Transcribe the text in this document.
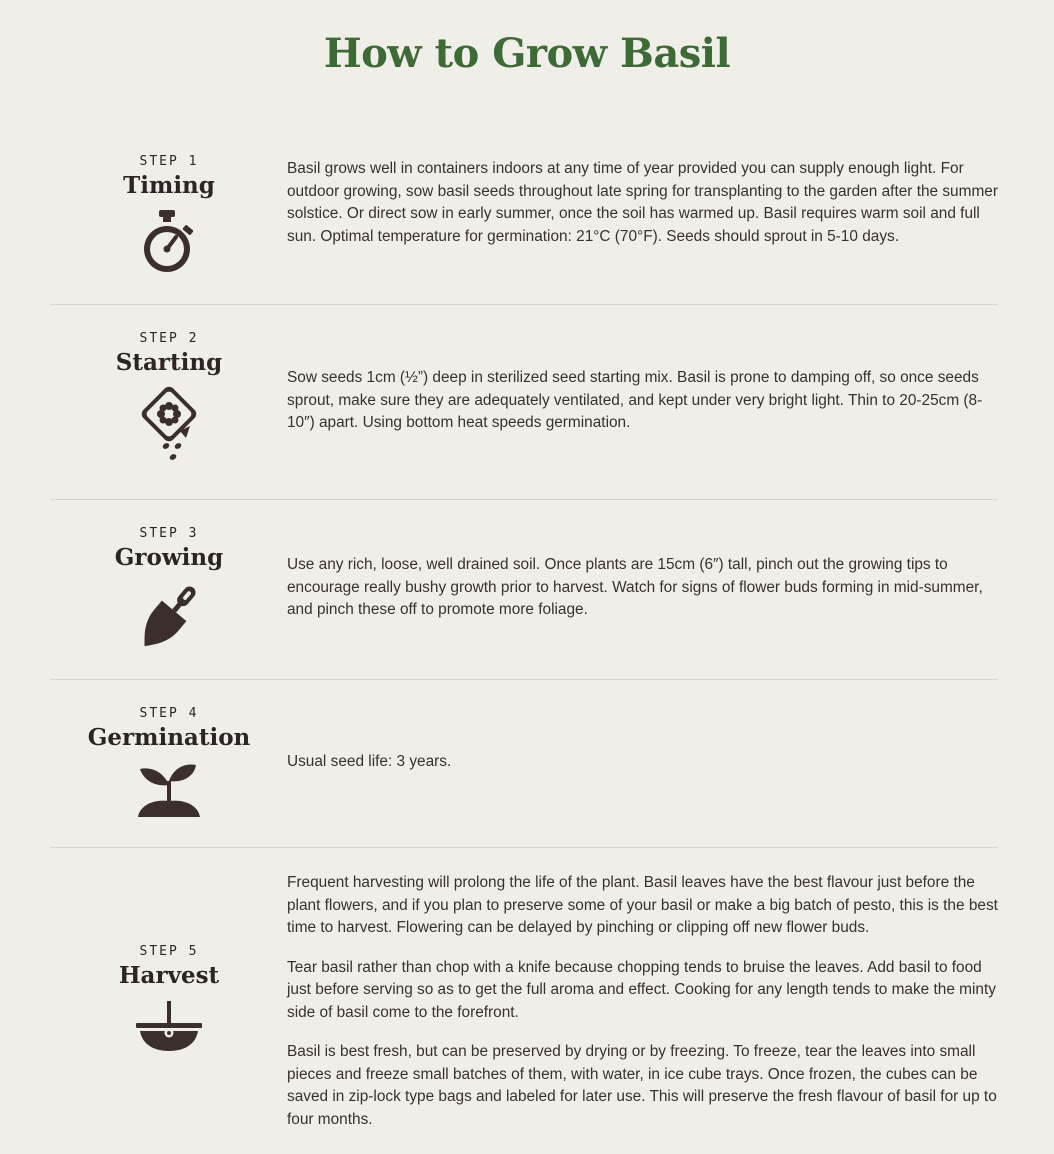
How to Grow Basil
STEP 1
Timing

Basil grows well in containers indoors at any time of year provided you can supply enough light. For outdoor growing, sow basil seeds throughout late spring for transplanting to the garden after the summer solstice. Or direct sow in early summer, once the soil has warmed up. Basil requires warm soil and full sun. Optimal temperature for germination: 21°C (70°F). Seeds should sprout in 5-10 days.

STEP 2
Starting

Sow seeds 1cm (½”) deep in sterilized seed starting mix. Basil is prone to damping off, so once seeds sprout, make sure they are adequately ventilated, and kept under very bright light. Thin to 20-25cm (8-10″) apart. Using bottom heat speeds germination.

STEP 3
Growing	Use any rich, loose, well drained soil. Once plants are 15cm (6″) tall, pinch out the growing tips to encourage really bushy growth prior to harvest. Watch for signs of flower buds forming in mid-summer, and pinch these off to promote more foliage.

STEP 4
Germination

Usual seed life: 3 years.

STEP 5
Harvest

Frequent harvesting will prolong the life of the plant. Basil leaves have the best flavour just before the plant flowers, and if you plan to preserve some of your basil or make a big batch of pesto, this is the best time to harvest. Flowering can be delayed by pinching or clipping off new flower buds.

Tear basil rather than chop with a knife because chopping tends to bruise the leaves. Add basil to food just before serving so as to get the full aroma and effect. Cooking for any length tends to make the minty side of basil come to the forefront.

Basil is best fresh, but can be preserved by drying or by freezing. To freeze, tear the leaves into small pieces and freeze small batches of them, with water, in ice cube trays. Once frozen, the cubes can be saved in zip-lock type bags and labeled for later use. This will preserve the fresh flavour of basil for up to four months.
